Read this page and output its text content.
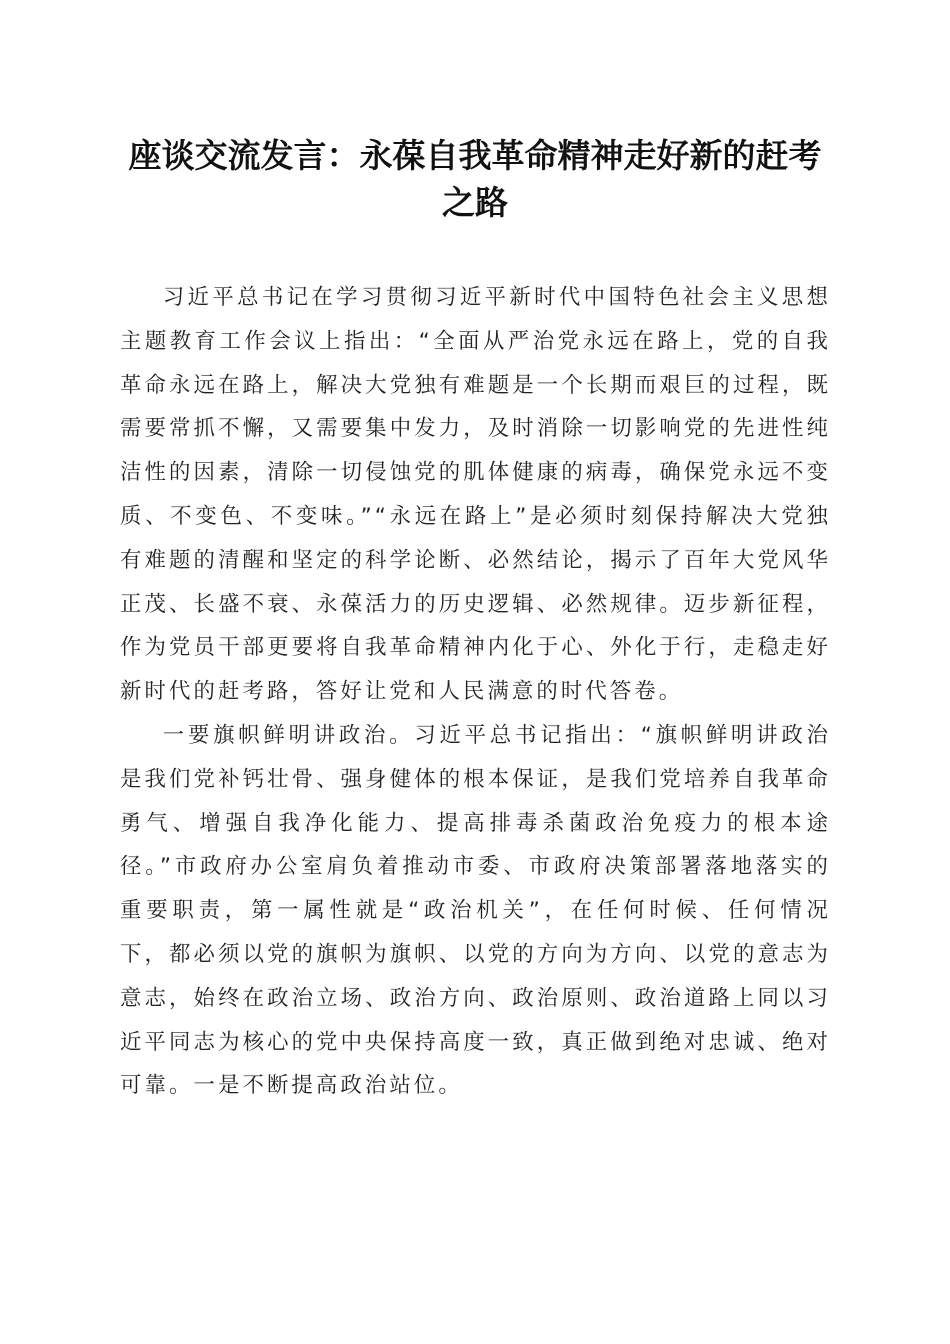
座谈交流发言：永葆自我革命精神走好新的赶考之路

习近平总书记在学习贯彻习近平新时代中国特色社会主义思想主题教育工作会议上指出：“全面从严治党永远在路上，党的自我革命永远在路上，解决大党独有难题是一个长期而艰巨的过程，既需要常抓不懈，又需要集中发力，及时消除一切影响党的先进性纯洁性的因素，清除一切侵蚀党的肌体健康的病毒，确保党永远不变质、不变色、不变味。”“永远在路上”是必须时刻保持解决大党独有难题的清醒和坚定的科学论断、必然结论，揭示了百年大党风华正茂、长盛不衰、永葆活力的历史逻辑、必然规律。迈步新征程，作为党员干部更要将自我革命精神内化于心、外化于行，走稳走好新时代的赶考路，答好让党和人民满意的时代答卷。

一要旗帜鲜明讲政治。习近平总书记指出：“旗帜鲜明讲政治是我们党补钙壮骨、强身健体的根本保证，是我们党培养自我革命勇气、增强自我净化能力、提高排毒杀菌政治免疫力的根本途径。”市政府办公室肩负着推动市委、市政府决策部署落地落实的重要职责，第一属性就是“政治机关”，在任何时候、任何情况下，都必须以党的旗帜为旗帜、以党的方向为方向、以党的意志为意志，始终在政治立场、政治方向、政治原则、政治道路上同以习近平同志为核心的党中央保持高度一致，真正做到绝对忠诚、绝对可靠。一是不断提高政治站位。
